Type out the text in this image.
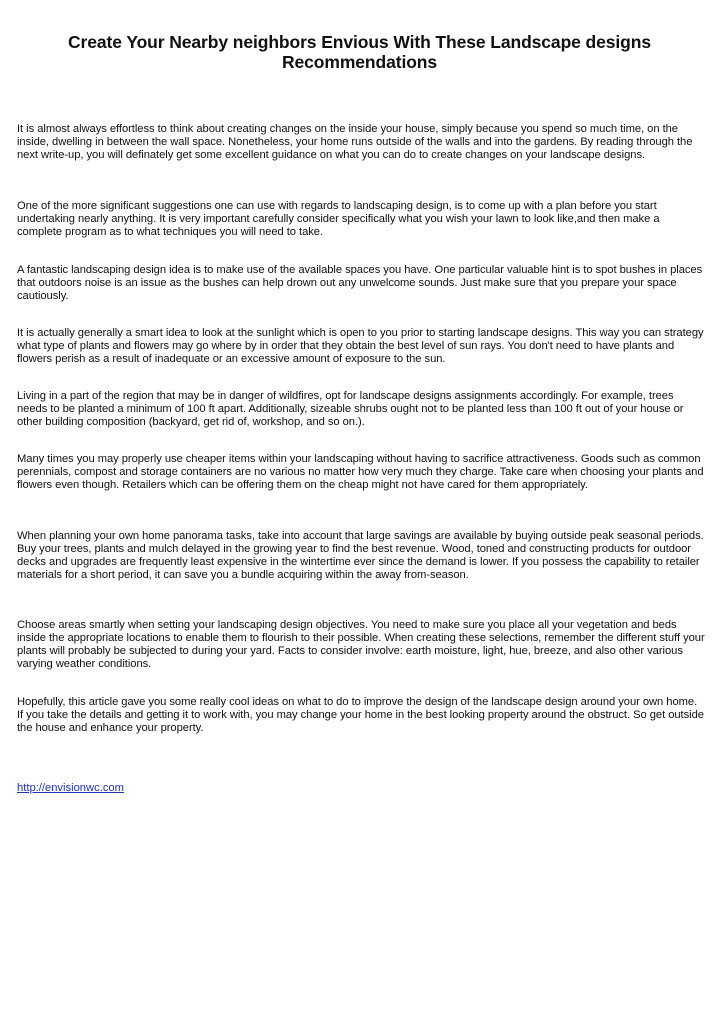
Create Your Nearby neighbors Envious With These Landscape designs Recommendations

It is almost always effortless to think about creating changes on the inside your house, simply because you spend so much time, on the inside, dwelling in between the wall space. Nonetheless, your home runs outside of the walls and into the gardens. By reading through the next write-up, you will definately get some excellent guidance on what you can do to create changes on your landscape designs.

One of the more significant suggestions one can use with regards to landscaping design, is to come up with a plan before you start undertaking nearly anything. It is very important carefully consider specifically what you wish your lawn to look like,and then make a complete program as to what techniques you will need to take.

A fantastic landscaping design idea is to make use of the available spaces you have. One particular valuable hint is to spot bushes in places that outdoors noise is an issue as the bushes can help drown out any unwelcome sounds. Just make sure that you prepare your space cautiously.

It is actually generally a smart idea to look at the sunlight which is open to you prior to starting landscape designs. This way you can strategy what type of plants and flowers may go where by in order that they obtain the best level of sun rays. You don't need to have plants and flowers perish as a result of inadequate or an excessive amount of exposure to the sun.

Living in a part of the region that may be in danger of wildfires, opt for landscape designs assignments accordingly. For example, trees needs to be planted a minimum of 100 ft apart. Additionally, sizeable shrubs ought not to be planted less than 100 ft out of your house or other building composition (backyard, get rid of, workshop, and so on.).

Many times you may properly use cheaper items within your landscaping without having to sacrifice attractiveness. Goods such as common perennials, compost and storage containers are no various no matter how very much they charge. Take care when choosing your plants and flowers even though. Retailers which can be offering them on the cheap might not have cared for them appropriately.

When planning your own home panorama tasks, take into account that large savings are available by buying outside peak seasonal periods. Buy your trees, plants and mulch delayed in the growing year to find the best revenue. Wood, toned and constructing products for outdoor decks and upgrades are frequently least expensive in the wintertime ever since the demand is lower. If you possess the capability to retailer materials for a short period, it can save you a bundle acquiring within the away from-season.

Choose areas smartly when setting your landscaping design objectives. You need to make sure you place all your vegetation and beds inside the appropriate locations to enable them to flourish to their possible. When creating these selections, remember the different stuff your plants will probably be subjected to during your yard. Facts to consider involve: earth moisture, light, hue, breeze, and also other various varying weather conditions.

Hopefully, this article gave you some really cool ideas on what to do to improve the design of the landscape design around your own home. If you take the details and getting it to work with, you may change your home in the best looking property around the obstruct. So get outside the house and enhance your property.

http://envisionwc.com
